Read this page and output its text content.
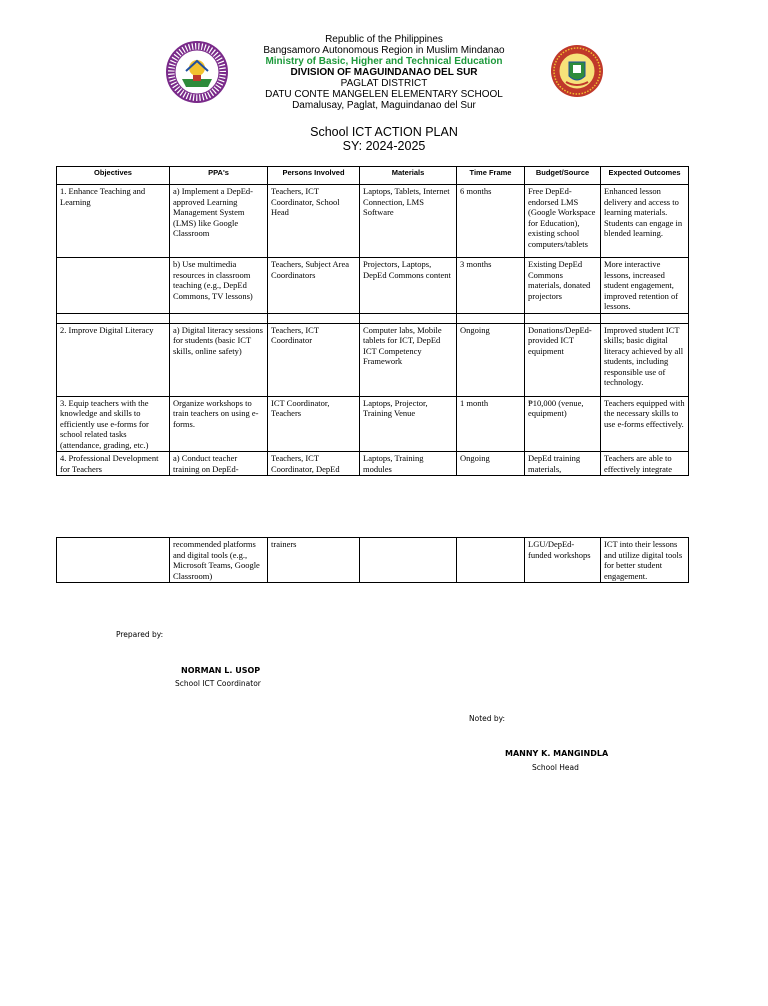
Republic of the Philippines
Bangsamoro Autonomous Region in Muslim Mindanao
Ministry of Basic, Higher and Technical Education
DIVISION OF MAGUINDANAO DEL SUR
PAGLAT DISTRICT
DATU CONTE MANGELEN ELEMENTARY SCHOOL
Damalusay, Paglat, Maguindanao del Sur
School ICT ACTION PLAN
SY: 2024-2025
Objectives	PPA's	Persons Involved	Materials	Time Frame	Budget/Source	Expected Outcomes
1. Enhance Teaching and Learning	a) Implement a DepEd-approved Learning Management System (LMS) like Google Classroom	Teachers, ICT Coordinator, School Head	Laptops, Tablets, Internet Connection, LMS Software	6 months	Free DepEd-endorsed LMS (Google Workspace for Education), existing school computers/tablets	Enhanced lesson delivery and access to learning materials. Students can engage in blended learning.
	b) Use multimedia resources in classroom teaching (e.g., DepEd Commons, TV lessons)	Teachers, Subject Area Coordinators	Projectors, Laptops, DepEd Commons content	3 months	Existing DepEd Commons materials, donated projectors	More interactive lessons, increased student engagement, improved retention of lessons.

2. Improve Digital Literacy	a) Digital literacy sessions for students (basic ICT skills, online safety)	Teachers, ICT Coordinator	Computer labs, Mobile tablets for ICT, DepEd ICT Competency Framework	Ongoing	Donations/DepEd-provided ICT equipment	Improved student ICT skills; basic digital literacy achieved by all students, including responsible use of technology.
3. Equip teachers with the knowledge and skills to efficiently use e-forms for school related tasks (attendance, grading, etc.)	Organize workshops to train teachers on using e-forms.	ICT Coordinator, Teachers	Laptops, Projector, Training Venue	1 month	₱10,000 (venue, equipment)	Teachers equipped with the necessary skills to use e-forms effectively.
4. Professional Development for Teachers	a) Conduct teacher training on DepEd-	Teachers, ICT Coordinator, DepEd	Laptops, Training modules	Ongoing	DepEd training materials,	Teachers are able to effectively integrate
	recommended platforms and digital tools (e.g., Microsoft Teams, Google Classroom)	trainers			LGU/DepEd-funded workshops	ICT into their lessons and utilize digital tools for better student engagement.
Prepared by:
NORMAN L. USOP
School ICT Coordinator
Noted by:
MANNY K. MANGINDLA
School Head
